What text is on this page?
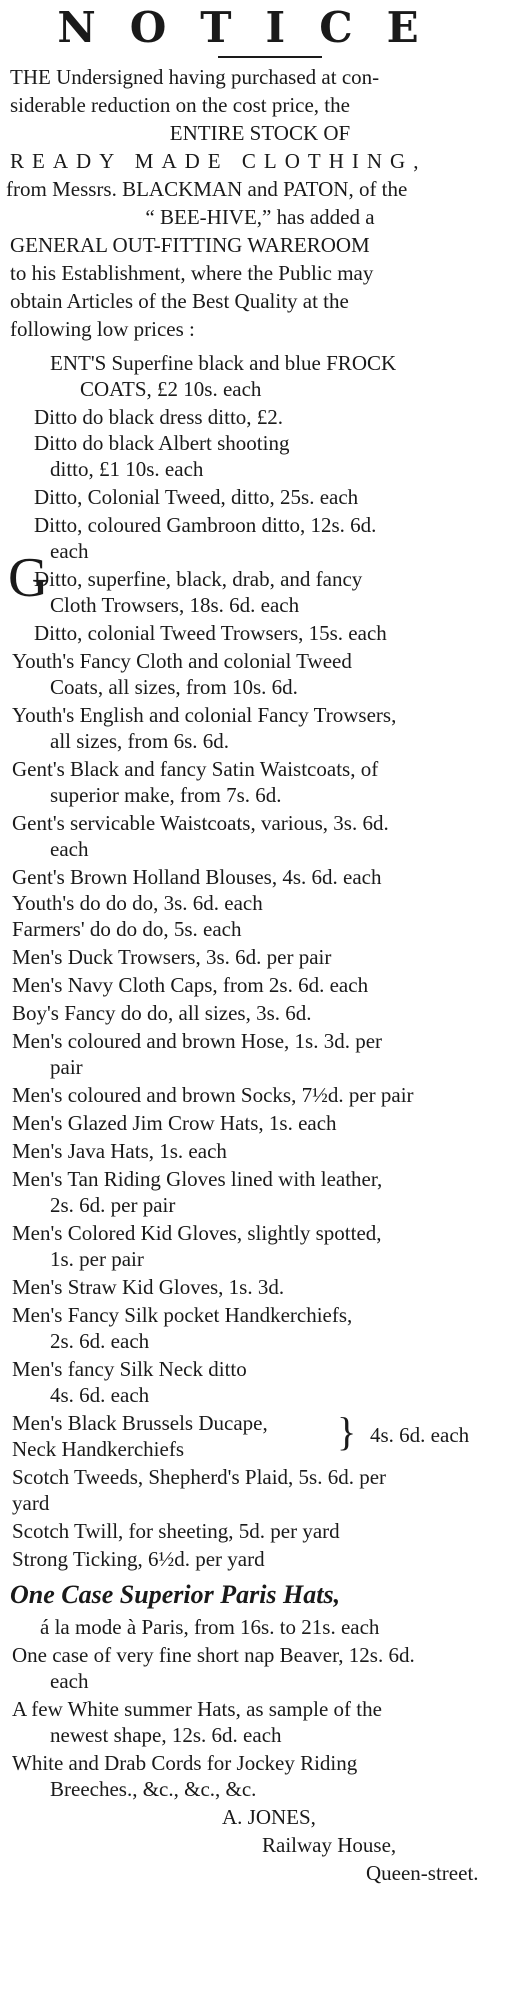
NOTICE
THE Undersigned having purchased at con-
siderable reduction on the cost price, the
ENTIRE STOCK OF
READY MADE CLOTHING,
from Messrs. BLACKMAN and PATON, of the
“ BEE-HIVE,” has added a
GENERAL OUT-FITTING WAREROOM
to his Establishment, where the Public may
obtain Articles of the Best Quality at the
following low prices :
G
ENT'S Superfine black and blue FROCK
COATS, £2 10s. each
Ditto do black dress ditto, £2.
Ditto do black Albert shooting
ditto, £1 10s. each
Ditto, Colonial Tweed, ditto, 25s. each
Ditto, coloured Gambroon ditto, 12s. 6d.
each
Ditto, superfine, black, drab, and fancy
Cloth Trowsers, 18s. 6d. each
Ditto, colonial Tweed Trowsers, 15s. each
Youth's Fancy Cloth and colonial Tweed
Coats, all sizes, from 10s. 6d.
Youth's English and colonial Fancy Trowsers,
all sizes, from 6s. 6d.
Gent's Black and fancy Satin Waistcoats, of
superior make, from 7s. 6d.
Gent's servicable Waistcoats, various, 3s. 6d.
each
Gent's Brown Holland Blouses, 4s. 6d. each
Youth's do do do, 3s. 6d. each
Farmers' do do do, 5s. each
Men's Duck Trowsers, 3s. 6d. per pair
Men's Navy Cloth Caps, from 2s. 6d. each
Boy's Fancy do do, all sizes, 3s. 6d.
Men's coloured and brown Hose, 1s. 3d. per
pair
Men's coloured and brown Socks, 7½d. per pair
Men's Glazed Jim Crow Hats, 1s. each
Men's Java Hats, 1s. each
Men's Tan Riding Gloves lined with leather,
2s. 6d. per pair
Men's Colored Kid Gloves, slightly spotted,
1s. per pair
Men's Straw Kid Gloves, 1s. 3d.
Men's Fancy Silk pocket Handkerchiefs,
2s. 6d. each
Men's fancy Silk Neck ditto
4s. 6d. each
Men's Black Brussels Ducape,
Neck Handkerchiefs
4s. 6d. each
Scotch Tweeds, Shepherd's Plaid, 5s. 6d. per
yard
Scotch Twill, for sheeting, 5d. per yard
Strong Ticking, 6½d. per yard
}
One Case Superior Paris Hats,
á la mode à Paris, from 16s. to 21s. each
One case of very fine short nap Beaver, 12s. 6d.
each
A few White summer Hats, as sample of the
newest shape, 12s. 6d. each
White and Drab Cords for Jockey Riding
Breeches., &c., &c., &c.
A. JONES,
Railway House,
Queen-street.
